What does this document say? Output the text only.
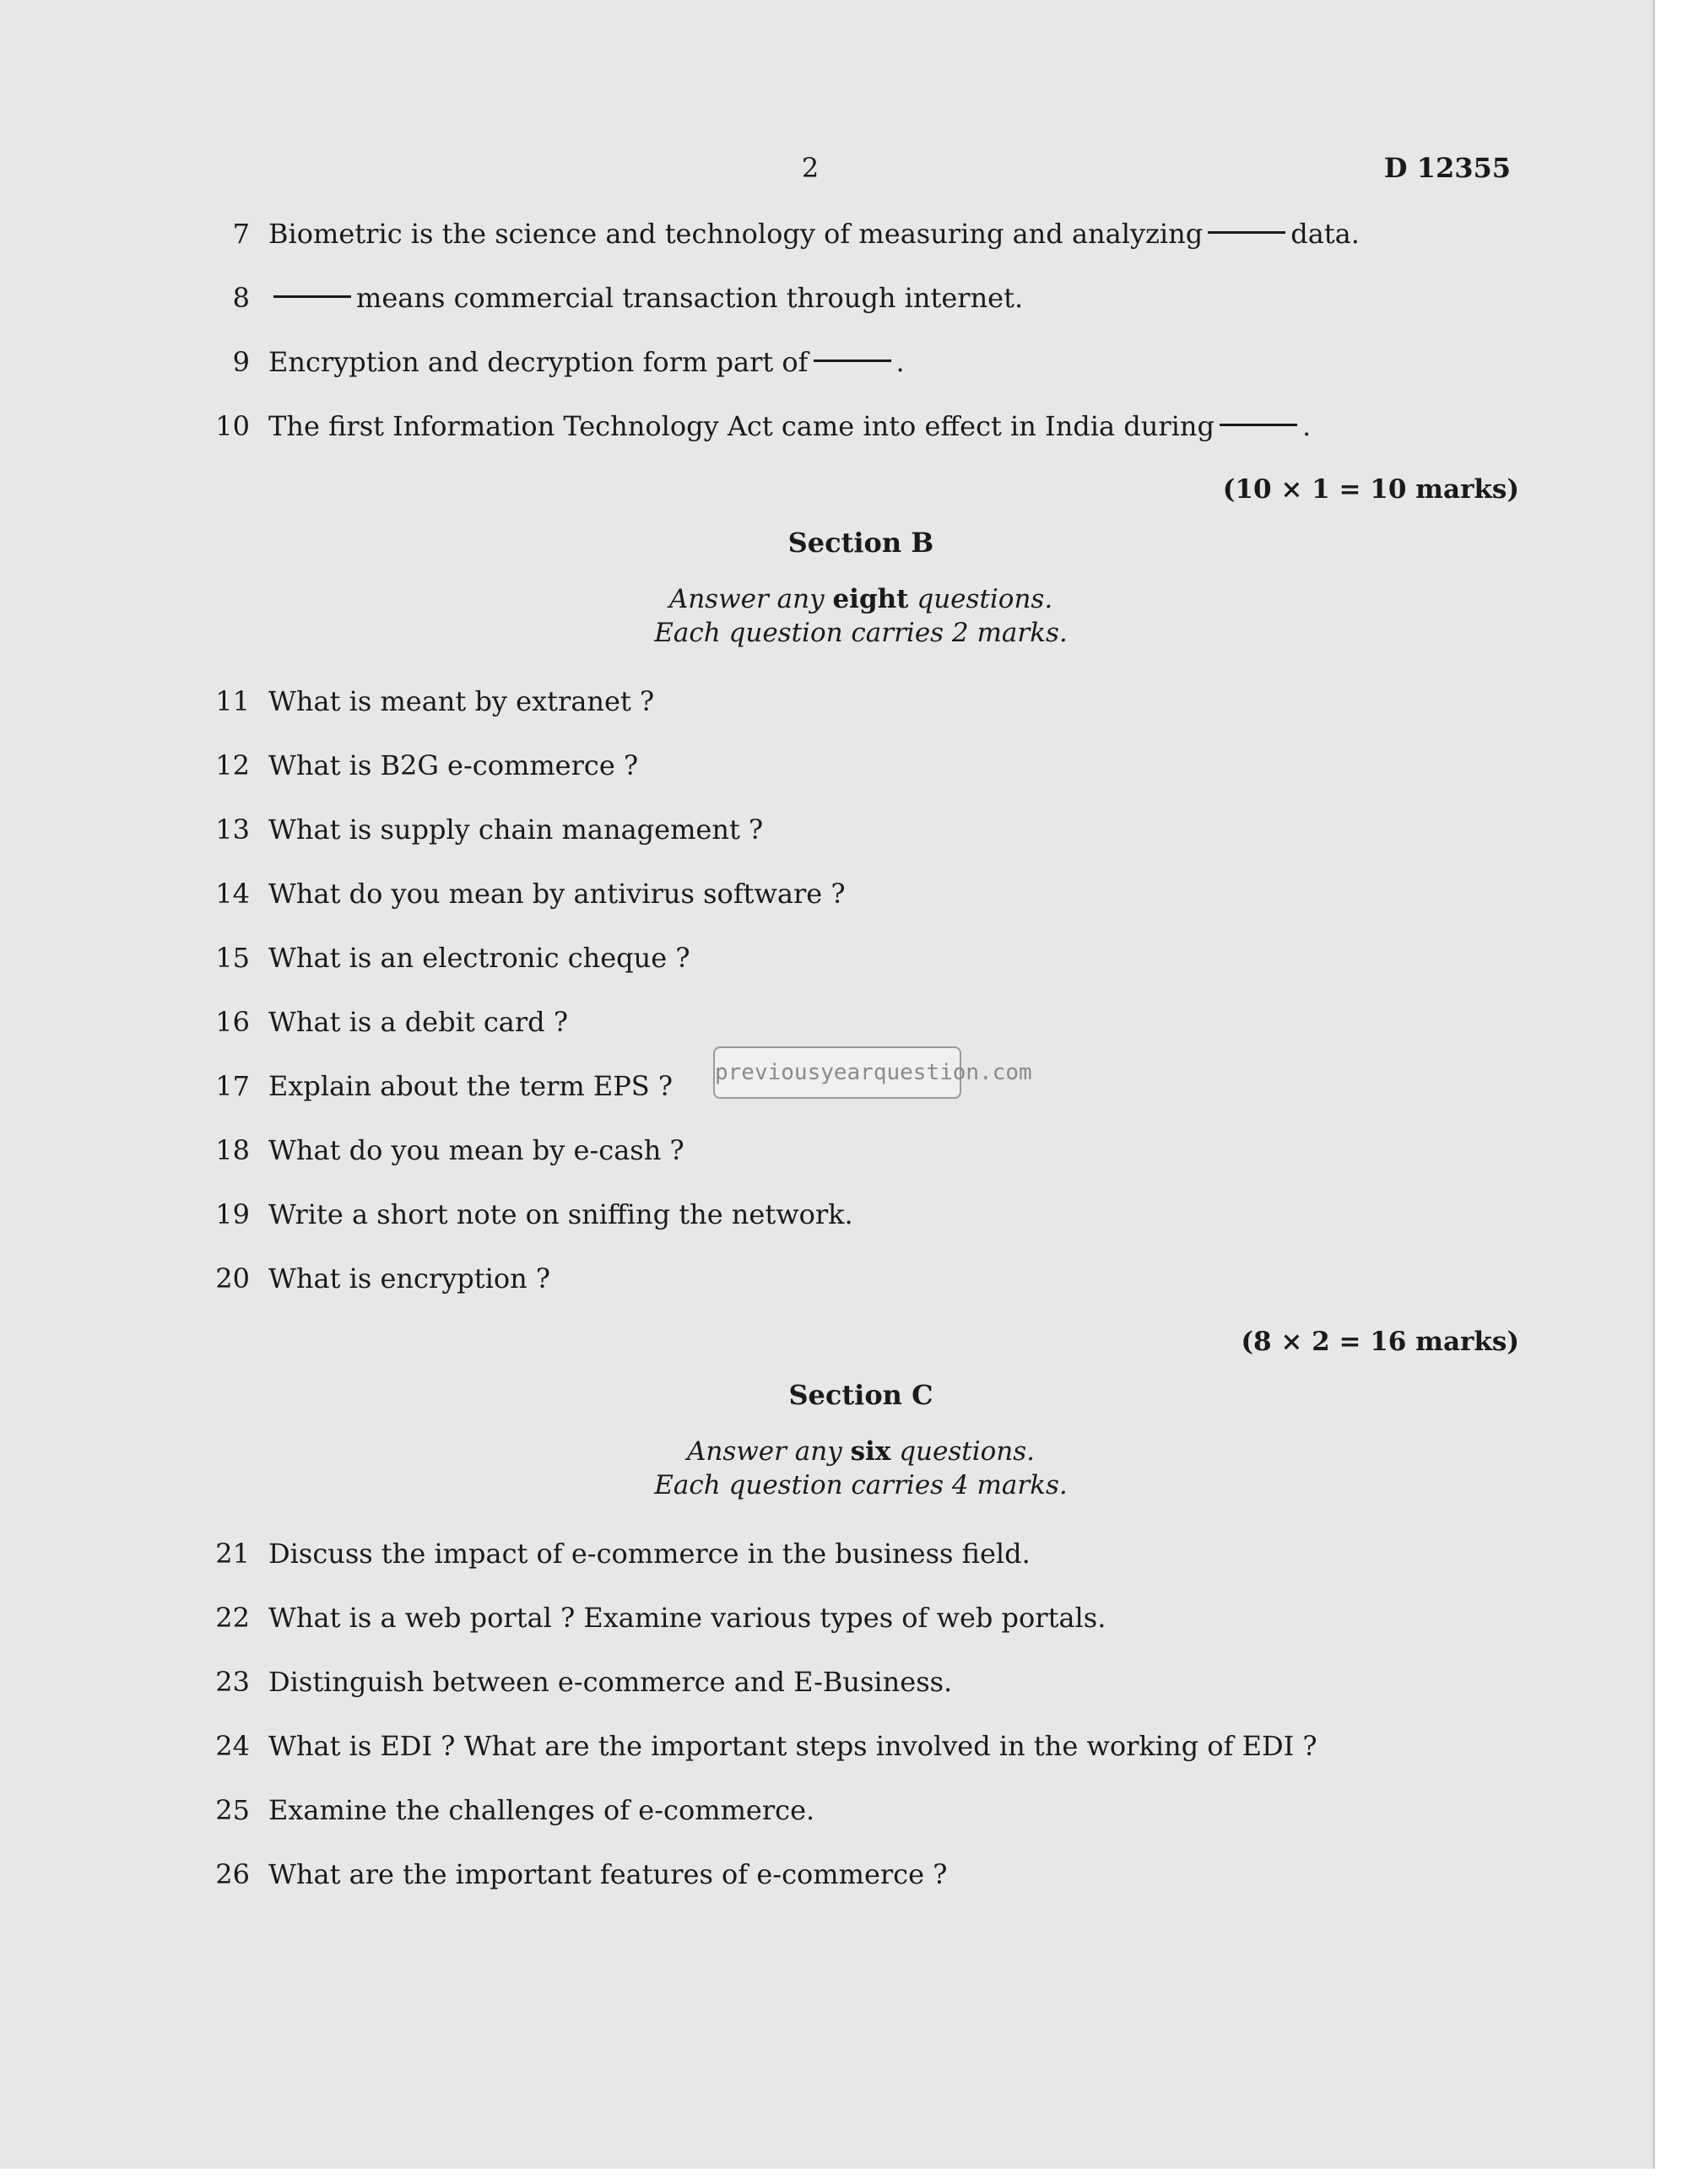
2	D 12355
7 Biometric is the science and technology of measuring and analyzing	data.
8	means commercial transaction through internet.
9 Encryption and decryption form part of	.
10 The first Information Technology Act came into effect in India during	.
(10 × 1 = 10 marks)
Section B
Answer any eight questions.
Each question carries 2 marks.
11 What is meant by extranet ?
12 What is B2G e-commerce ?
13 What is supply chain management ?
14 What do you mean by antivirus software ?
15 What is an electronic cheque ?
16 What is a debit card ?
17 Explain about the term EPS ?
18 What do you mean by e-cash ?
19 Write a short note on sniffing the network.
20 What is encryption ?
(8 × 2 = 16 marks)
Section C
Answer any six questions.
Each question carries 4 marks.
21 Discuss the impact of e-commerce in the business field.
22 What is a web portal ? Examine various types of web portals.
23 Distinguish between e-commerce and E-Business.
24 What is EDI ? What are the important steps involved in the working of EDI ?
25 Examine the challenges of e-commerce.
26 What are the important features of e-commerce ?
previousyearquestion.com
